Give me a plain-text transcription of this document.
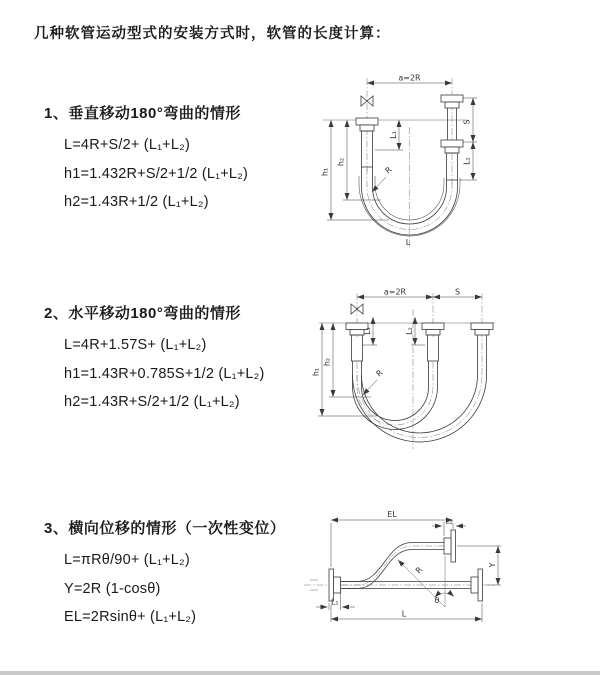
几种软管运动型式的安装方式时，软管的长度计算：

1、垂直移动180°弯曲的情形

L=4R+S/2+ (L₁+L₂)

h1=1.432R+S/2+1/2 (L₁+L₂)

h2=1.43R+1/2 (L₁+L₂)

2、水平移动180°弯曲的情形

L=4R+1.57S+ (L₁+L₂)

h1=1.43R+0.785S+1/2 (L₁+L₂)

h2=1.43R+S/2+1/2 (L₁+L₂)

3、横向位移的情形（一次性变位）

L=πRθ/90+ (L₁+L₂)

Y=2R (1-cosθ)

EL=2Rsinθ+ (L₁+L₂)

a=2R
S
L₂
L₁
h₁
h₂
R
L
a=2R	S
L₁	L₂
h₁
h₂
R
R
θ
EL
L₂
Y
L₁
L
